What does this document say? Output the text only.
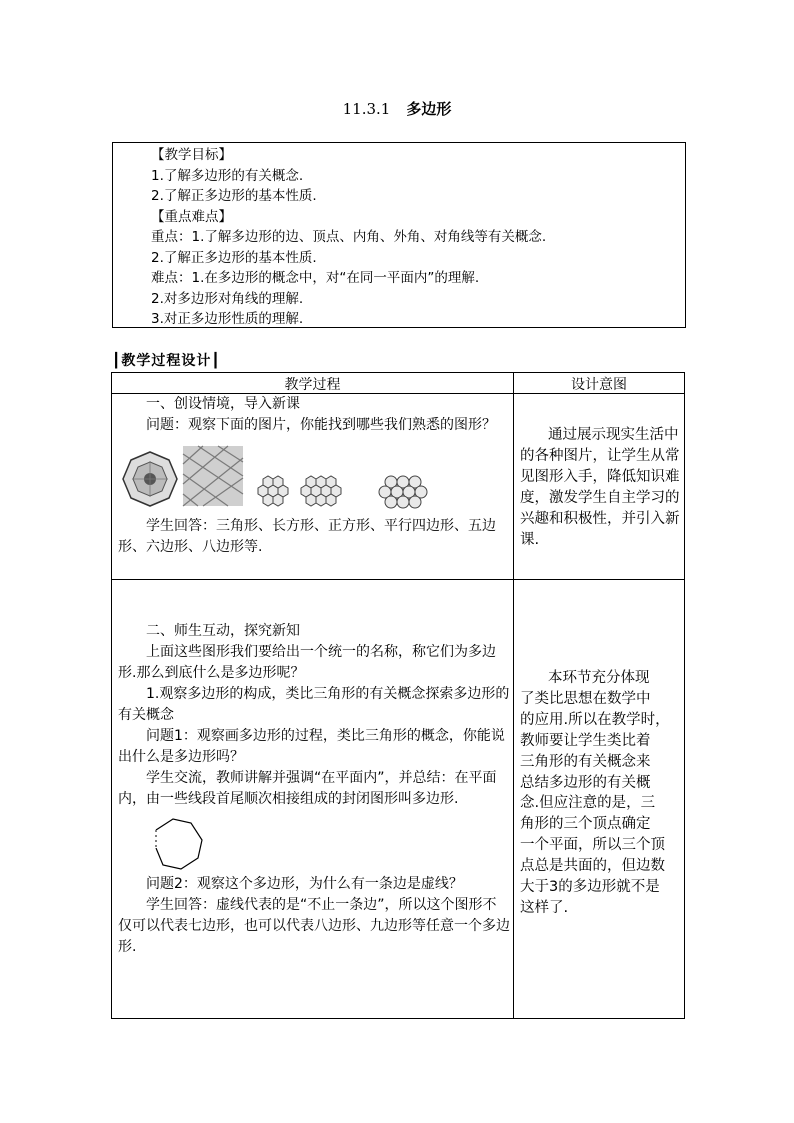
11.3.1 多边形
【教学目标】
1.了解多边形的有关概念.
2.了解正多边形的基本性质.
【重点难点】
重点：1.了解多边形的边、顶点、内角、外角、对角线等有关概念.
2.了解正多边形的基本性质.
难点：1.在多边形的概念中，对“在同一平面内”的理解.
2.对多边形对角线的理解.
3.对正多边形性质的理解.
┃教学过程设计┃
教学过程	设计意图

一、创设情境，导入新课

问题：观察下面的图片，你能找到哪些我们熟悉的图形？

学生回答：三角形、长方形、正方形、平行四边形、五边形、六边形、八边形等.

通过展示现实生活中的各种图片，让学生从常见图形入手，降低知识难度，激发学生自主学习的兴趣和积极性，并引入新课.

二、师生互动，探究新知

上面这些图形我们要给出一个统一的名称，称它们为多边形.那么到底什么是多边形呢？

1.观察多边形的构成，类比三角形的有关概念探索多边形的有关概念

问题1：观察画多边形的过程，类比三角形的概念，你能说出什么是多边形吗？

学生交流，教师讲解并强调“在平面内”，并总结：在平面内，由一些线段首尾顺次相接组成的封闭图形叫多边形.

问题2：观察这个多边形，为什么有一条边是虚线？

学生回答：虚线代表的是“不止一条边”，所以这个图形不仅可以代表七边形，也可以代表八边形、九边形等任意一个多边形.

本环节充分体现

了类比思想在数学中

的应用.所以在教学时，

教师要让学生类比着

三角形的有关概念来

总结多边形的有关概

念.但应注意的是，三

角形的三个顶点确定

一个平面，所以三个顶

点总是共面的，但边数

大于3的多边形就不是

这样了.
